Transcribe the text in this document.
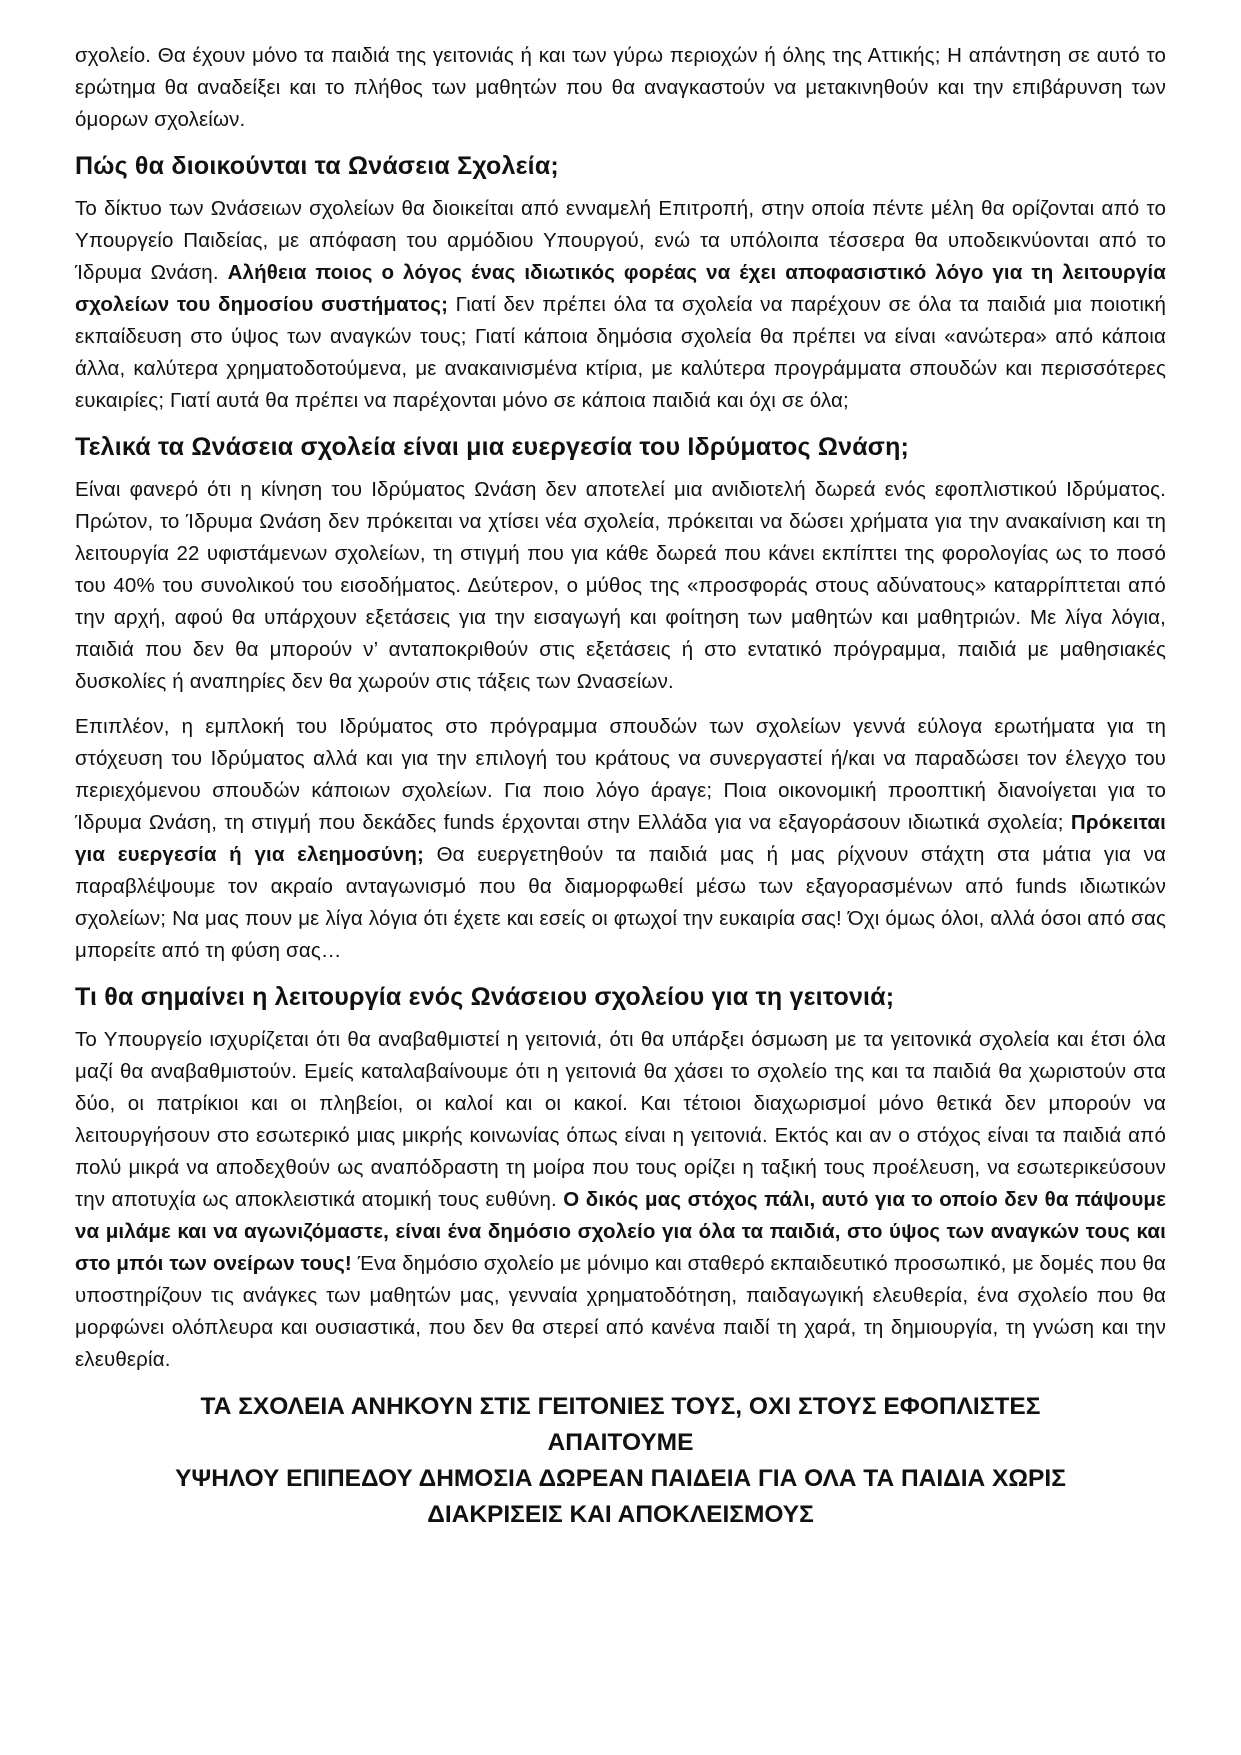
σχολείο. Θα έχουν μόνο τα παιδιά της γειτονιάς ή και των γύρω περιοχών ή όλης της Αττικής; Η απάντηση σε αυτό το ερώτημα θα αναδείξει και το πλήθος των μαθητών που θα αναγκαστούν να μετακινηθούν και την επιβάρυνση των όμορων σχολείων.

Πώς θα διοικούνται τα Ωνάσεια Σχολεία;

Το δίκτυο των Ωνάσειων σχολείων θα διοικείται από ενναμελή Επιτροπή, στην οποία πέντε μέλη θα ορίζονται από το Υπουργείο Παιδείας, με απόφαση του αρμόδιου Υπουργού, ενώ τα υπόλοιπα τέσσερα θα υποδεικνύονται από το Ίδρυμα Ωνάση. Αλήθεια ποιος ο λόγος ένας ιδιωτικός φορέας να έχει αποφασιστικό λόγο για τη λειτουργία σχολείων του δημοσίου συστήματος; Γιατί δεν πρέπει όλα τα σχολεία να παρέχουν σε όλα τα παιδιά μια ποιοτική εκπαίδευση στο ύψος των αναγκών τους; Γιατί κάποια δημόσια σχολεία θα πρέπει να είναι «ανώτερα» από κάποια άλλα, καλύτερα χρηματοδοτούμενα, με ανακαινισμένα κτίρια, με καλύτερα προγράμματα σπουδών και περισσότερες ευκαιρίες; Γιατί αυτά θα πρέπει να παρέχονται μόνο σε κάποια παιδιά και όχι σε όλα;

Τελικά τα Ωνάσεια σχολεία είναι μια ευεργεσία του Ιδρύματος Ωνάση;

Είναι φανερό ότι η κίνηση του Ιδρύματος Ωνάση δεν αποτελεί μια ανιδιοτελή δωρεά ενός εφοπλιστικού Ιδρύματος. Πρώτον, το Ίδρυμα Ωνάση δεν πρόκειται να χτίσει νέα σχολεία, πρόκειται να δώσει χρήματα για την ανακαίνιση και τη λειτουργία 22 υφιστάμενων σχολείων, τη στιγμή που για κάθε δωρεά που κάνει εκπίπτει της φορολογίας ως το ποσό του 40% του συνολικού του εισοδήματος. Δεύτερον, ο μύθος της «προσφοράς στους αδύνατους» καταρρίπτεται από την αρχή, αφού θα υπάρχουν εξετάσεις για την εισαγωγή και φοίτηση των μαθητών και μαθητριών. Με λίγα λόγια, παιδιά που δεν θα μπορούν ν’ ανταποκριθούν στις εξετάσεις ή στο εντατικό πρόγραμμα, παιδιά με μαθησιακές δυσκολίες ή αναπηρίες δεν θα χωρούν στις τάξεις των Ωνασείων.

Επιπλέον, η εμπλοκή του Ιδρύματος στο πρόγραμμα σπουδών των σχολείων γεννά εύλογα ερωτήματα για τη στόχευση του Ιδρύματος αλλά και για την επιλογή του κράτους να συνεργαστεί ή/και να παραδώσει τον έλεγχο του περιεχόμενου σπουδών κάποιων σχολείων. Για ποιο λόγο άραγε; Ποια οικονομική προοπτική διανοίγεται για το Ίδρυμα Ωνάση, τη στιγμή που δεκάδες funds έρχονται στην Ελλάδα για να εξαγοράσουν ιδιωτικά σχολεία; Πρόκειται για ευεργεσία ή για ελεημοσύνη; Θα ευεργετηθούν τα παιδιά μας ή μας ρίχνουν στάχτη στα μάτια για να παραβλέψουμε τον ακραίο ανταγωνισμό που θα διαμορφωθεί μέσω των εξαγορασμένων από funds ιδιωτικών σχολείων; Να μας πουν με λίγα λόγια ότι έχετε και εσείς οι φτωχοί την ευκαιρία σας! Όχι όμως όλοι, αλλά όσοι από σας μπορείτε από τη φύση σας…

Τι θα σημαίνει η λειτουργία ενός Ωνάσειου σχολείου για τη γειτονιά;

Το Υπουργείο ισχυρίζεται ότι θα αναβαθμιστεί η γειτονιά, ότι θα υπάρξει όσμωση με τα γειτονικά σχολεία και έτσι όλα μαζί θα αναβαθμιστούν. Εμείς καταλαβαίνουμε ότι η γειτονιά θα χάσει το σχολείο της και τα παιδιά θα χωριστούν στα δύο, οι πατρίκιοι και οι πληβείοι, οι καλοί και οι κακοί. Και τέτοιοι διαχωρισμοί μόνο θετικά δεν μπορούν να λειτουργήσουν στο εσωτερικό μιας μικρής κοινωνίας όπως είναι η γειτονιά. Εκτός και αν ο στόχος είναι τα παιδιά από πολύ μικρά να αποδεχθούν ως αναπόδραστη τη μοίρα που τους ορίζει η ταξική τους προέλευση, να εσωτερικεύσουν την αποτυχία ως αποκλειστικά ατομική τους ευθύνη. Ο δικός μας στόχος πάλι, αυτό για το οποίο δεν θα πάψουμε να μιλάμε και να αγωνιζόμαστε, είναι ένα δημόσιο σχολείο για όλα τα παιδιά, στο ύψος των αναγκών τους και στο μπόι των ονείρων τους! Ένα δημόσιο σχολείο με μόνιμο και σταθερό εκπαιδευτικό προσωπικό, με δομές που θα υποστηρίζουν τις ανάγκες των μαθητών μας, γενναία χρηματοδότηση, παιδαγωγική ελευθερία, ένα σχολείο που θα μορφώνει ολόπλευρα και ουσιαστικά, που δεν θα στερεί από κανένα παιδί τη χαρά, τη δημιουργία, τη γνώση και την ελευθερία.

ΤΑ ΣΧΟΛΕΙΑ ΑΝΗΚΟΥΝ ΣΤΙΣ ΓΕΙΤΟΝΙΕΣ ΤΟΥΣ, ΟΧΙ ΣΤΟΥΣ ΕΦΟΠΛΙΣΤΕΣ
ΑΠΑΙΤΟΥΜΕ
ΥΨΗΛΟΥ ΕΠΙΠΕΔΟΥ ΔΗΜΟΣΙΑ ΔΩΡΕΑΝ ΠΑΙΔΕΙΑ ΓΙΑ ΟΛΑ ΤΑ ΠΑΙΔΙΑ ΧΩΡΙΣ ΔΙΑΚΡΙΣΕΙΣ ΚΑΙ ΑΠΟΚΛΕΙΣΜΟΥΣ
